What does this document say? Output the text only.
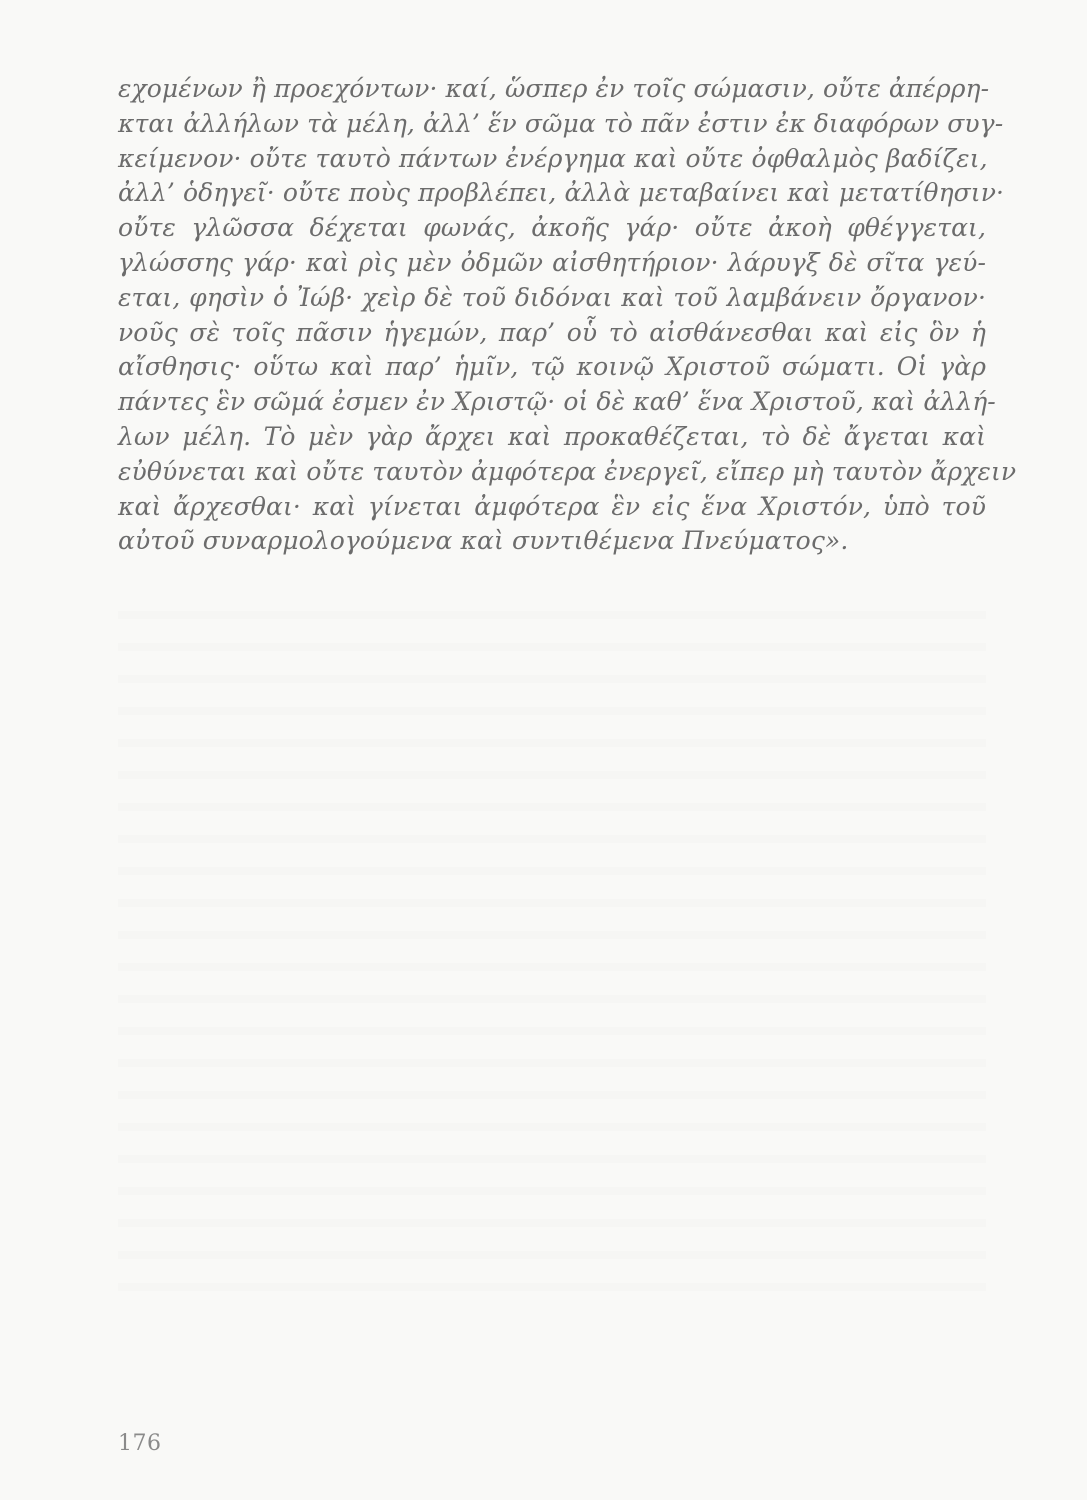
εχομένων ἢ προεχόντων· καί, ὥσπερ ἐν τοῖς σώμασιν, οὔτε ἀπέρρη-
κται ἀλλήλων τὰ μέλη, ἀλλ’ ἕν σῶμα τὸ πᾶν ἐστιν ἐκ διαφόρων συγ-
κείμενον· οὔτε ταυτὸ πάντων ἐνέργημα καὶ οὔτε ὀφθαλμὸς βαδίζει,
ἀλλ’ ὁδηγεῖ· οὔτε ποὺς προβλέπει, ἀλλὰ μεταβαίνει καὶ μετατίθησιν·
οὔτε γλῶσσα δέχεται φωνάς, ἀκοῆς γάρ· οὔτε ἀκοὴ φθέγγεται,
γλώσσης γάρ· καὶ ρὶς μὲν ὀδμῶν αἰσθητήριον· λάρυγξ δὲ σῖτα γεύ-
εται, φησὶν ὁ Ἰώβ· χεὶρ δὲ τοῦ διδόναι καὶ τοῦ λαμβάνειν ὄργανον·
νοῦς σὲ τοῖς πᾶσιν ἡγεμών, παρ’ οὗ τὸ αἰσθάνεσθαι καὶ εἰς ὃν ἡ
αἴσθησις· οὕτω καὶ παρ’ ἡμῖν, τῷ κοινῷ Χριστοῦ σώματι. Οἱ γὰρ
πάντες ἓν σῶμά ἐσμεν ἐν Χριστῷ· οἱ δὲ καθ’ ἕνα Χριστοῦ, καὶ ἀλλή-
λων μέλη. Τὸ μὲν γὰρ ἄρχει καὶ προκαθέζεται, τὸ δὲ ἄγεται καὶ
εὐθύνεται καὶ οὔτε ταυτὸν ἀμφότερα ἐνεργεῖ, εἴπερ μὴ ταυτὸν ἄρχειν
καὶ ἄρχεσθαι· καὶ γίνεται ἀμφότερα ἓν εἰς ἕνα Χριστόν, ὑπὸ τοῦ
αὐτοῦ συναρμολογούμενα καὶ συντιθέμενα Πνεύματος».
176
